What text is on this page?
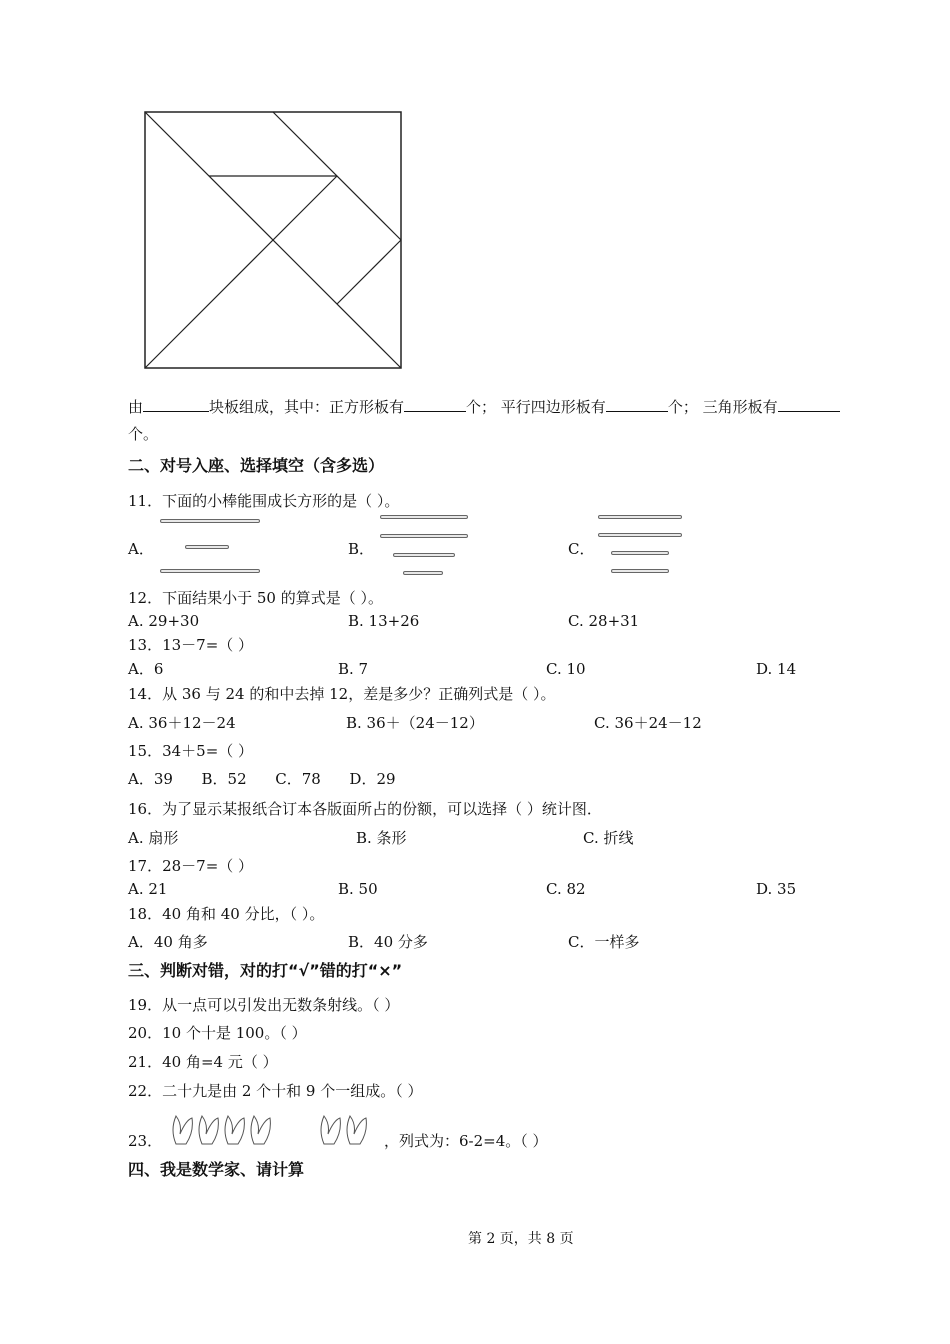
由	块板组成，其中：正方形板有	个； 平行四边形板有	个； 三角形板有
个。
二、对号入座、选择填空（含多选）
11．下面的小棒能围成长方形的是（ ）。
A．	B．	C．
12．下面结果小于 50 的算式是（ ）。
A. 29+30	B. 13+26	C. 28+31
13．13－7=（ ）
A．6	B. 7	C. 10	D. 14
14．从 36 与 24 的和中去掉 12，差是多少？正确列式是（ ）。
A. 36＋12－24	B. 36＋（24－12）	C. 36＋24－12
15．34＋5=（ ）
A．39      B．52      C．78      D．29
16．为了显示某报纸合订本各版面所占的份额，可以选择（ ）统计图．
A. 扇形	B. 条形	C. 折线
17．28－7=（ ）
A. 21	B. 50	C. 82	D. 35
18．40 角和 40 分比，（ ）。
A．40 角多	B．40 分多	C．一样多
三、判断对错，对的打“√”错的打“×”
19．从一点可以引发出无数条射线。（ ）
20．10 个十是 100。（ ）
21．40 角=4 元（ ）
22．二十九是由 2 个十和 9 个一组成。（ ）
23．	，列式为：6-2=4。（ ）
四、我是数学家、请计算
第 2 页，共 8 页
